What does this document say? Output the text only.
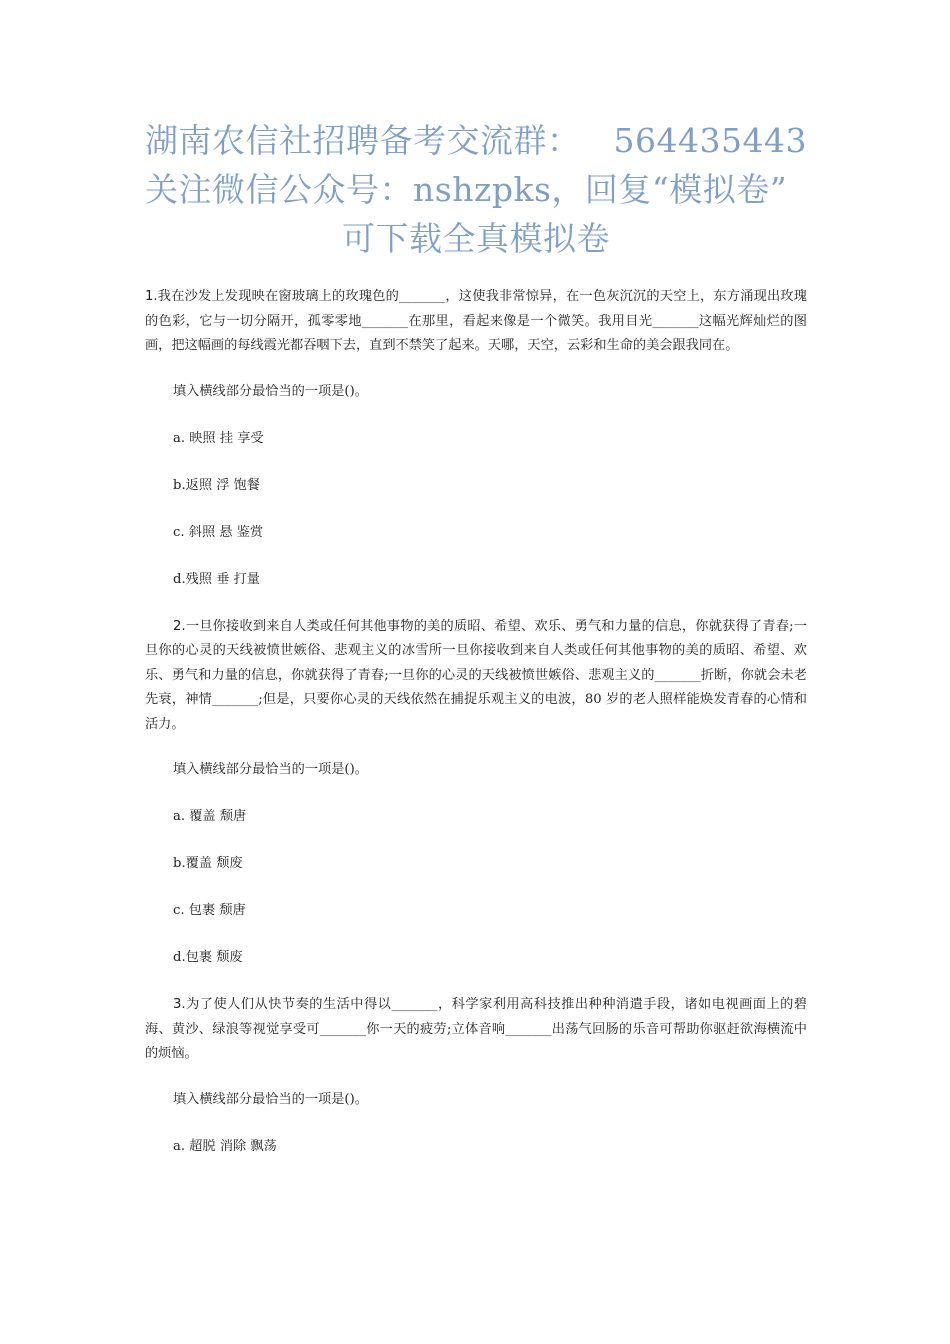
湖南农信社招聘备考交流群： 564435443
关注微信公众号：nshzpks，回复“模拟卷”
可下载全真模拟卷

1.我在沙发上发现映在窗玻璃上的玫瑰色的_______，这使我非常惊异，在一色灰沉沉的天空上，东方涌现出玫瑰的色彩，它与一切分隔开，孤零零地_______在那里，看起来像是一个微笑。我用目光_______这幅光辉灿烂的图画，把这幅画的每线霞光都吞咽下去，直到不禁笑了起来。天哪，天空，云彩和生命的美会跟我同在。

填入横线部分最恰当的一项是()。

a. 映照 挂 享受

b.返照 浮 饱餐

c. 斜照 悬 鉴赏

d.残照 垂 打量

2.一旦你接收到来自人类或任何其他事物的美的质昭、希望、欢乐、勇气和力量的信息，你就获得了青春;一旦你的心灵的天线被愤世嫉俗、悲观主义的冰雪所一旦你接收到来自人类或任何其他事物的美的质昭、希望、欢乐、勇气和力量的信息，你就获得了青春;一旦你的心灵的天线被愤世嫉俗、悲观主义的_______折断，你就会未老先衰，神情_______;但是，只要你心灵的天线依然在捕捉乐观主义的电波，80 岁的老人照样能焕发青春的心情和活力。

填入横线部分最恰当的一项是()。

a. 覆盖 颓唐

b.覆盖 颓废

c. 包裹 颓唐

d.包裹 颓废

3.为了使人们从快节奏的生活中得以_______，科学家利用高科技推出种种消遣手段，诸如电视画面上的碧海、黄沙、绿浪等视觉享受可_______你一天的疲劳;立体音响_______出荡气回肠的乐音可帮助你驱赶欲海横流中的烦恼。

填入横线部分最恰当的一项是()。

a. 超脱 消除 飘荡
